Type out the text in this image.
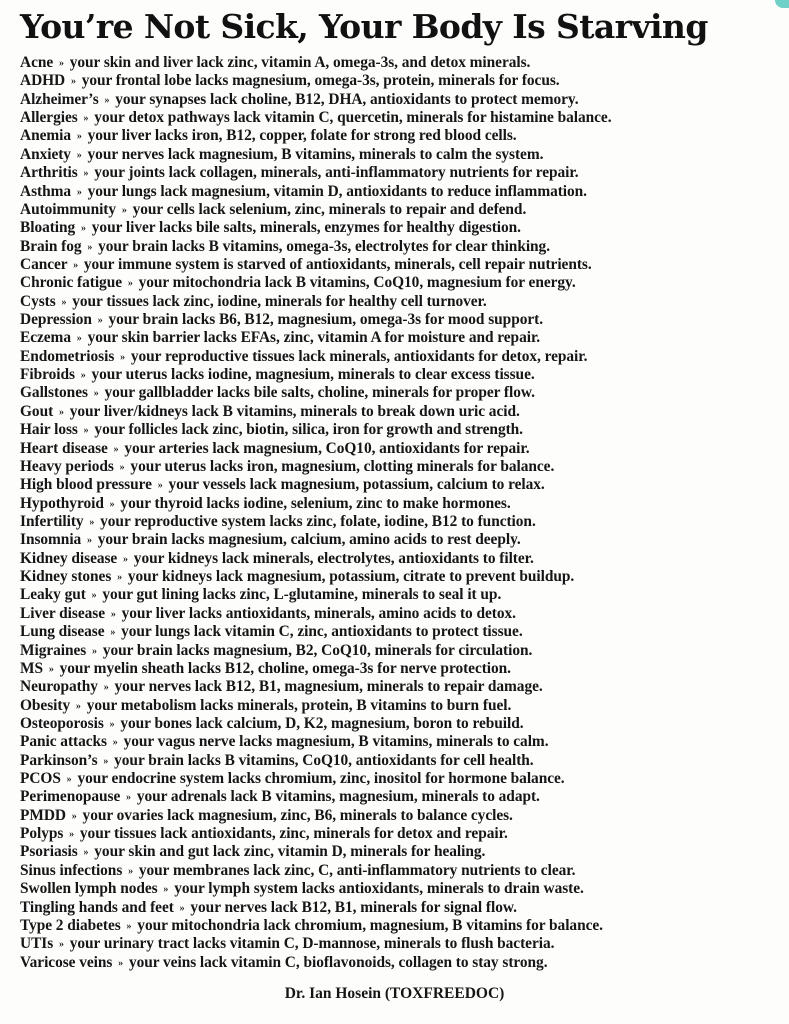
You’re Not Sick, Your Body Is Starving
Acne » your skin and liver lack zinc, vitamin A, omega-3s, and detox minerals.
ADHD » your frontal lobe lacks magnesium, omega-3s, protein, minerals for focus.
Alzheimer’s » your synapses lack choline, B12, DHA, antioxidants to protect memory.
Allergies » your detox pathways lack vitamin C, quercetin, minerals for histamine balance.
Anemia » your liver lacks iron, B12, copper, folate for strong red blood cells.
Anxiety » your nerves lack magnesium, B vitamins, minerals to calm the system.
Arthritis » your joints lack collagen, minerals, anti-inflammatory nutrients for repair.
Asthma » your lungs lack magnesium, vitamin D, antioxidants to reduce inflammation.
Autoimmunity » your cells lack selenium, zinc, minerals to repair and defend.
Bloating » your liver lacks bile salts, minerals, enzymes for healthy digestion.
Brain fog » your brain lacks B vitamins, omega-3s, electrolytes for clear thinking.
Cancer » your immune system is starved of antioxidants, minerals, cell repair nutrients.
Chronic fatigue » your mitochondria lack B vitamins, CoQ10, magnesium for energy.
Cysts » your tissues lack zinc, iodine, minerals for healthy cell turnover.
Depression » your brain lacks B6, B12, magnesium, omega-3s for mood support.
Eczema » your skin barrier lacks EFAs, zinc, vitamin A for moisture and repair.
Endometriosis » your reproductive tissues lack minerals, antioxidants for detox, repair.
Fibroids » your uterus lacks iodine, magnesium, minerals to clear excess tissue.
Gallstones » your gallbladder lacks bile salts, choline, minerals for proper flow.
Gout » your liver/kidneys lack B vitamins, minerals to break down uric acid.
Hair loss » your follicles lack zinc, biotin, silica, iron for growth and strength.
Heart disease » your arteries lack magnesium, CoQ10, antioxidants for repair.
Heavy periods » your uterus lacks iron, magnesium, clotting minerals for balance.
High blood pressure » your vessels lack magnesium, potassium, calcium to relax.
Hypothyroid » your thyroid lacks iodine, selenium, zinc to make hormones.
Infertility » your reproductive system lacks zinc, folate, iodine, B12 to function.
Insomnia » your brain lacks magnesium, calcium, amino acids to rest deeply.
Kidney disease » your kidneys lack minerals, electrolytes, antioxidants to filter.
Kidney stones » your kidneys lack magnesium, potassium, citrate to prevent buildup.
Leaky gut » your gut lining lacks zinc, L-glutamine, minerals to seal it up.
Liver disease » your liver lacks antioxidants, minerals, amino acids to detox.
Lung disease » your lungs lack vitamin C, zinc, antioxidants to protect tissue.
Migraines » your brain lacks magnesium, B2, CoQ10, minerals for circulation.
MS » your myelin sheath lacks B12, choline, omega-3s for nerve protection.
Neuropathy » your nerves lack B12, B1, magnesium, minerals to repair damage.
Obesity » your metabolism lacks minerals, protein, B vitamins to burn fuel.
Osteoporosis » your bones lack calcium, D, K2, magnesium, boron to rebuild.
Panic attacks » your vagus nerve lacks magnesium, B vitamins, minerals to calm.
Parkinson’s » your brain lacks B vitamins, CoQ10, antioxidants for cell health.
PCOS » your endocrine system lacks chromium, zinc, inositol for hormone balance.
Perimenopause » your adrenals lack B vitamins, magnesium, minerals to adapt.
PMDD » your ovaries lack magnesium, zinc, B6, minerals to balance cycles.
Polyps » your tissues lack antioxidants, zinc, minerals for detox and repair.
Psoriasis » your skin and gut lack zinc, vitamin D, minerals for healing.
Sinus infections » your membranes lack zinc, C, anti-inflammatory nutrients to clear.
Swollen lymph nodes » your lymph system lacks antioxidants, minerals to drain waste.
Tingling hands and feet » your nerves lack B12, B1, minerals for signal flow.
Type 2 diabetes » your mitochondria lack chromium, magnesium, B vitamins for balance.
UTIs » your urinary tract lacks vitamin C, D-mannose, minerals to flush bacteria.
Varicose veins » your veins lack vitamin C, bioflavonoids, collagen to stay strong.
Dr. Ian Hosein (TOXFREEDOC)
